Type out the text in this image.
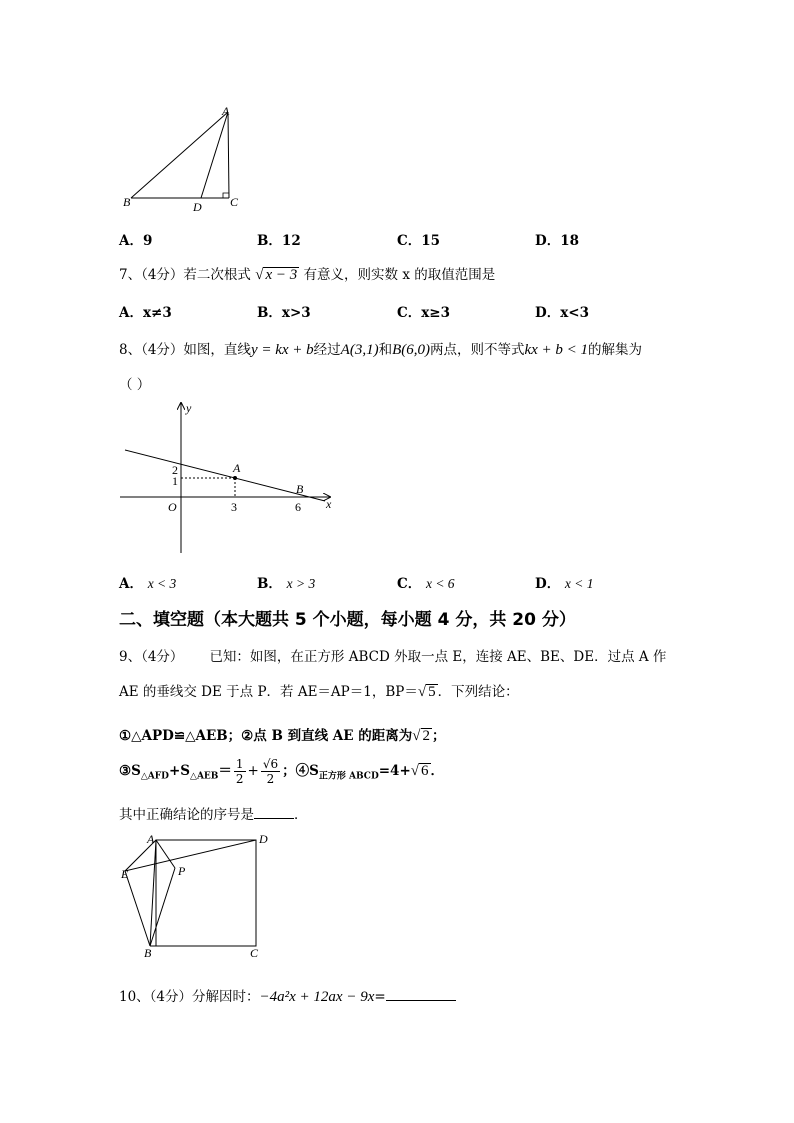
A
B	D C
A．9	B．12	C．15	D．18
7、（4分）若二次根式 √ x − 3 有意义，则实数 x 的取值范围是
A．x≠3	B．x>3	C．x≥3	D．x<3
8、（4分）如图，直线y = kx + b经过A(3,1)和B(6,0)两点，则不等式kx + b < 1的解集为
（ ）
y
x
O
A
B
2
1
3	6
A． x < 3	B． x > 3	C． x < 6	D． x < 1
二、填空题（本大题共 5 个小题，每小题 4 分，共 20 分）
9、（4分） 已知：如图，在正方形 ABCD 外取一点 E，连接 AE、BE、DE．过点 A 作
AE 的垂线交 DE 于点 P．若 AE＝AP＝1，BP＝√ 5 ．下列结论：
①△APD≌△AEB；②点 B 到直线 AE 的距离为√ 2 ；
$③S_{\triangle AFD}+S_{\triangle AEB}= \frac{1}{2} + \frac{√6}{2}$ ；$④S_{正方形 ABCD}=4+√$ 6 ．
其中正确结论的序号是	．
A	D
E	P
B	C
10、（4分）分解因时：−4a²x + 12ax − 9x=
